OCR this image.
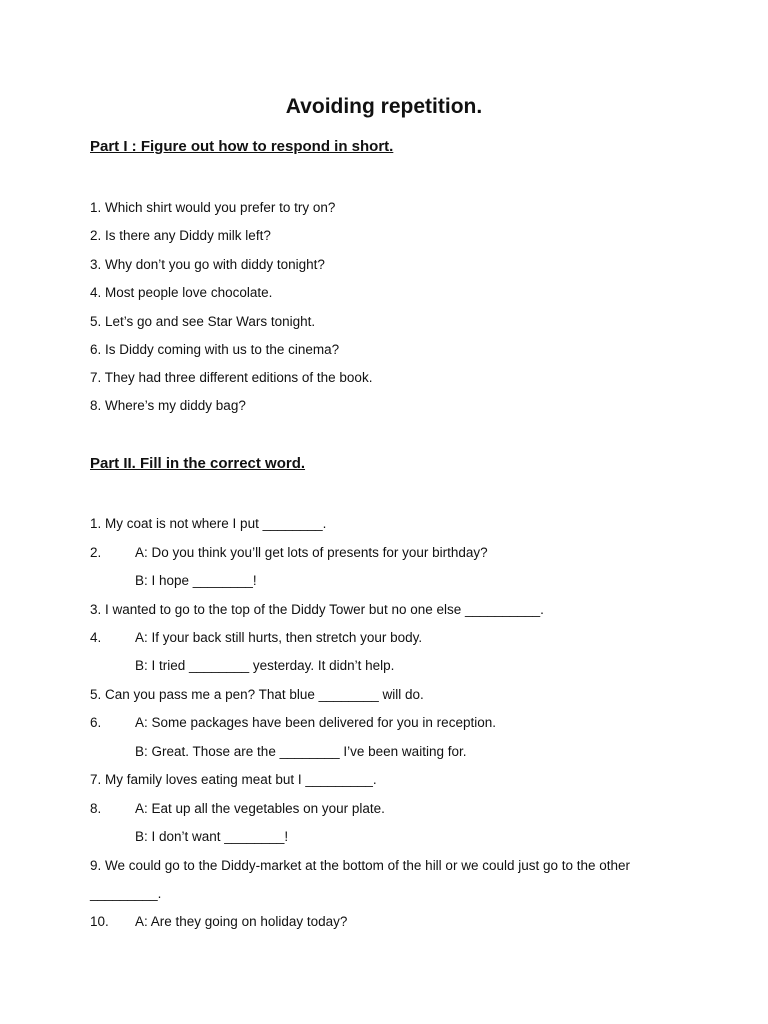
Avoiding repetition.
Part I : Figure out how to respond in short.
1. Which shirt would you prefer to try on?
2. Is there any Diddy milk left?
3. Why don’t you go with diddy tonight?
4. Most people love chocolate.
5. Let’s go and see Star Wars tonight.
6. Is Diddy coming with us to the cinema?
7. They had three different editions of the book.
8. Where’s my diddy bag?
Part II. Fill in the correct word.
1. My coat is not where I put ________.
2. A: Do you think you’ll get lots of presents for your birthday?
B: I hope ________!
3. I wanted to go to the top of the Diddy Tower but no one else __________.
4. A: If your back still hurts, then stretch your body.
B: I tried ________ yesterday. It didn’t help.
5. Can you pass me a pen? That blue ________ will do.
6. A: Some packages have been delivered for you in reception.
B: Great. Those are the ________ I’ve been waiting for.
7. My family loves eating meat but I _________.
8. A: Eat up all the vegetables on your plate.
B: I don’t want ________!
9. We could go to the Diddy-market at the bottom of the hill or we could just go to the other
_________.
10. A: Are they going on holiday today?
